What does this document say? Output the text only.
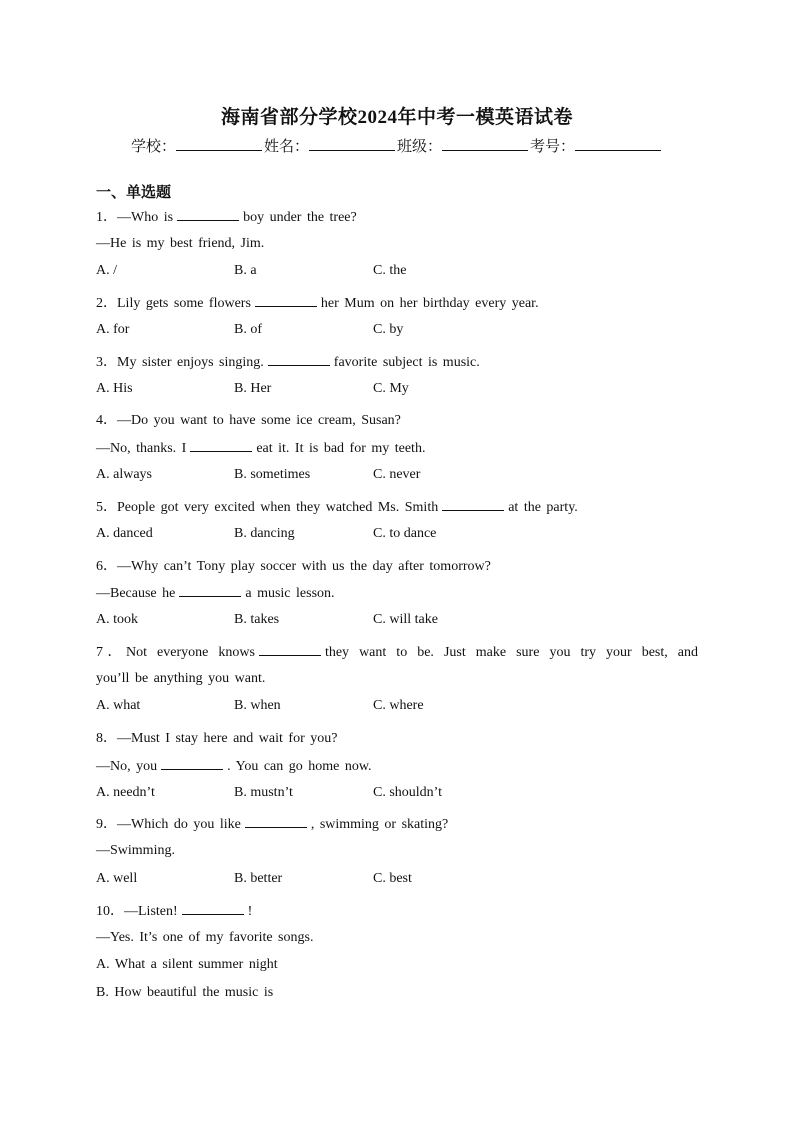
海南省部分学校2024年中考一模英语试卷
学校：	姓名：	班级：	考号：
一、单选题
1．—Who is	boy under the tree?
—He is my best friend, Jim.
A. /	B. a	C. the
2．Lily gets some flowers	her Mum on her birthday every year.
A. for	B. of	C. by
3．My sister enjoys singing.	favorite subject is music.
A. His	B. Her	C. My
4．—Do you want to have some ice cream, Susan?
—No, thanks. I	eat it. It is bad for my teeth.
A. always	B. sometimes	C. never
5．People got very excited when they watched Ms. Smith	at the party.
A. danced	B. dancing	C. to dance
6．—Why can’t Tony play soccer with us the day after tomorrow?
—Because he	a music lesson.
A. took	B. takes	C. will take
7．Not everyone knows	they want to be. Just make sure you try your best, and
you’ll be anything you want.
A. what	B. when	C. where
8．—Must I stay here and wait for you?
—No, you	. You can go home now.
A. needn’t	B. mustn’t	C. shouldn’t
9．—Which do you like	, swimming or skating?
—Swimming.
A. well	B. better	C. best
10．—Listen!	!
—Yes. It’s one of my favorite songs.
A. What a silent summer night
B. How beautiful the music is
